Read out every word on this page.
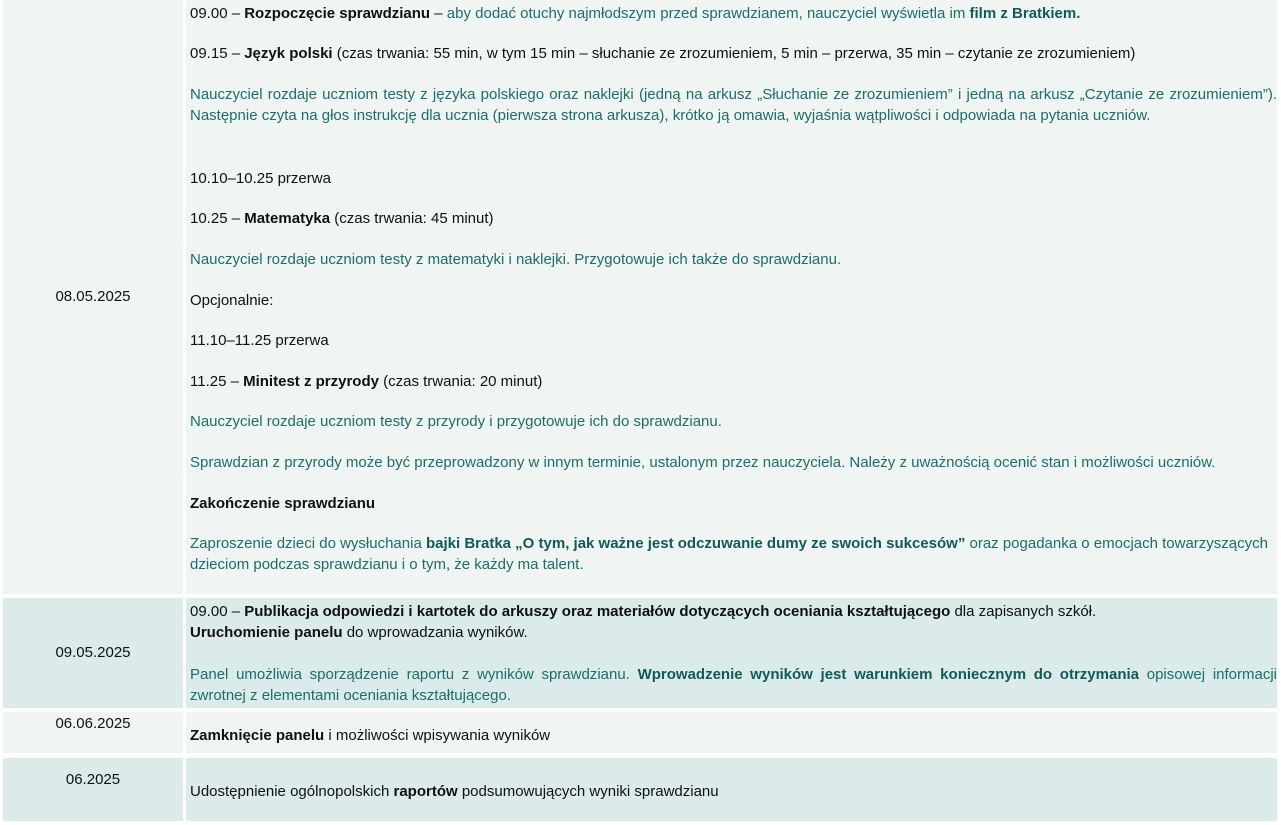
08.05.2025

09.00 – Rozpoczęcie sprawdzianu – aby dodać otuchy najmłodszym przed sprawdzianem, nauczyciel wyświetla im film z Bratkiem.

09.15 – Język polski (czas trwania: 55 min, w tym 15 min – słuchanie ze zrozumieniem, 5 min – przerwa, 35 min – czytanie ze zrozumieniem)

Nauczyciel rozdaje uczniom testy z języka polskiego oraz naklejki (jedną na arkusz „Słuchanie ze zrozumieniem” i jedną na arkusz „Czytanie ze zrozumieniem”). Następnie czyta na głos instrukcję dla ucznia (pierwsza strona arkusza), krótko ją omawia, wyjaśnia wątpliwości i odpowiada na pytania uczniów.

10.10–10.25 przerwa

10.25 – Matematyka (czas trwania: 45 minut)

Nauczyciel rozdaje uczniom testy z matematyki i naklejki. Przygotowuje ich także do sprawdzianu.

Opcjonalnie:

11.10–11.25 przerwa

11.25 – Minitest z przyrody (czas trwania: 20 minut)

Nauczyciel rozdaje uczniom testy z przyrody i przygotowuje ich do sprawdzianu.

Sprawdzian z przyrody może być przeprowadzony w innym terminie, ustalonym przez nauczyciela. Należy z uważnością ocenić stan i możliwości uczniów.

Zakończenie sprawdzianu

Zaproszenie dzieci do wysłuchania bajki Bratka „O tym, jak ważne jest odczuwanie dumy ze swoich sukcesów” oraz pogadanka o emocjach towarzyszących dzieciom podczas sprawdzianu i o tym, że każdy ma talent.

09.05.2025

09.00 – Publikacja odpowiedzi i kartotek do arkuszy oraz materiałów dotyczących oceniania kształtującego dla zapisanych szkół.

Uruchomienie panelu do wprowadzania wyników.

Panel umożliwia sporządzenie raportu z wyników sprawdzianu. Wprowadzenie wyników jest warunkiem koniecznym do otrzymania opisowej informacji zwrotnej z elementami oceniania kształtującego.

06.06.2025

Zamknięcie panelu i możliwości wpisywania wyników

06.2025

Udostępnienie ogólnopolskich raportów podsumowujących wyniki sprawdzianu
